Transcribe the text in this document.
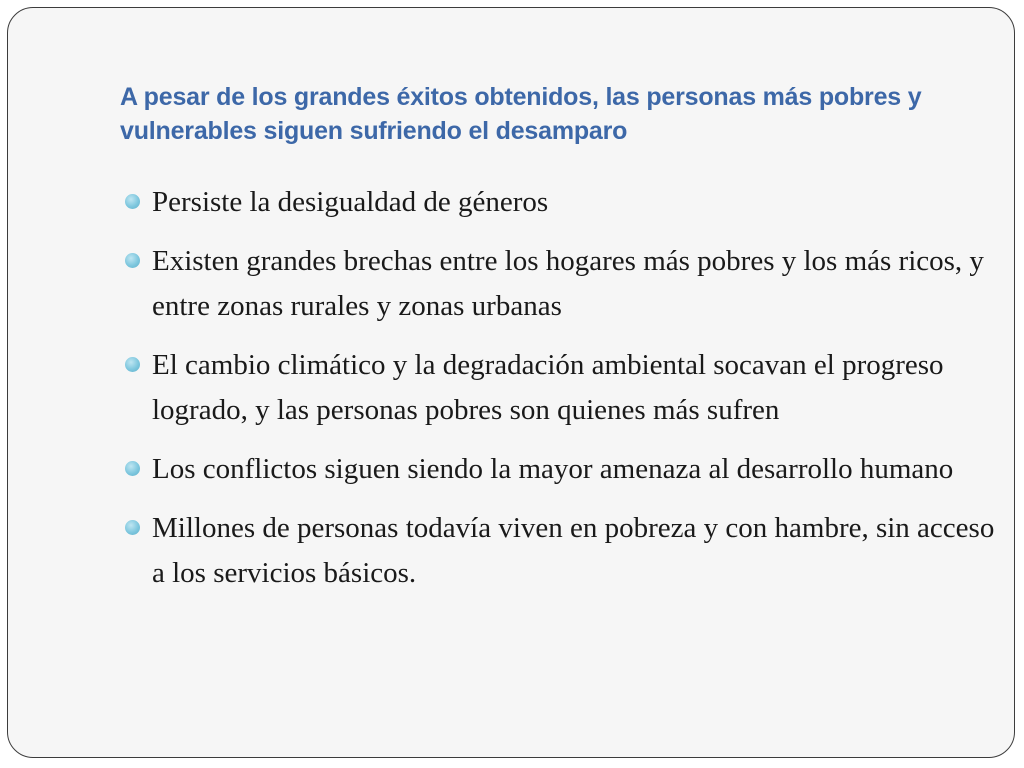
A pesar de los grandes éxitos obtenidos, las personas más pobres y vulnerables siguen sufriendo el desamparo
Persiste la desigualdad de géneros
Existen grandes brechas entre los hogares más pobres y los más ricos, y entre zonas rurales y zonas urbanas
El cambio climático y la degradación ambiental socavan el progreso logrado, y las personas pobres son quienes más sufren
Los conflictos siguen siendo la mayor amenaza al desarrollo humano
Millones de personas todavía viven en pobreza y con hambre, sin acceso a los servicios básicos.
